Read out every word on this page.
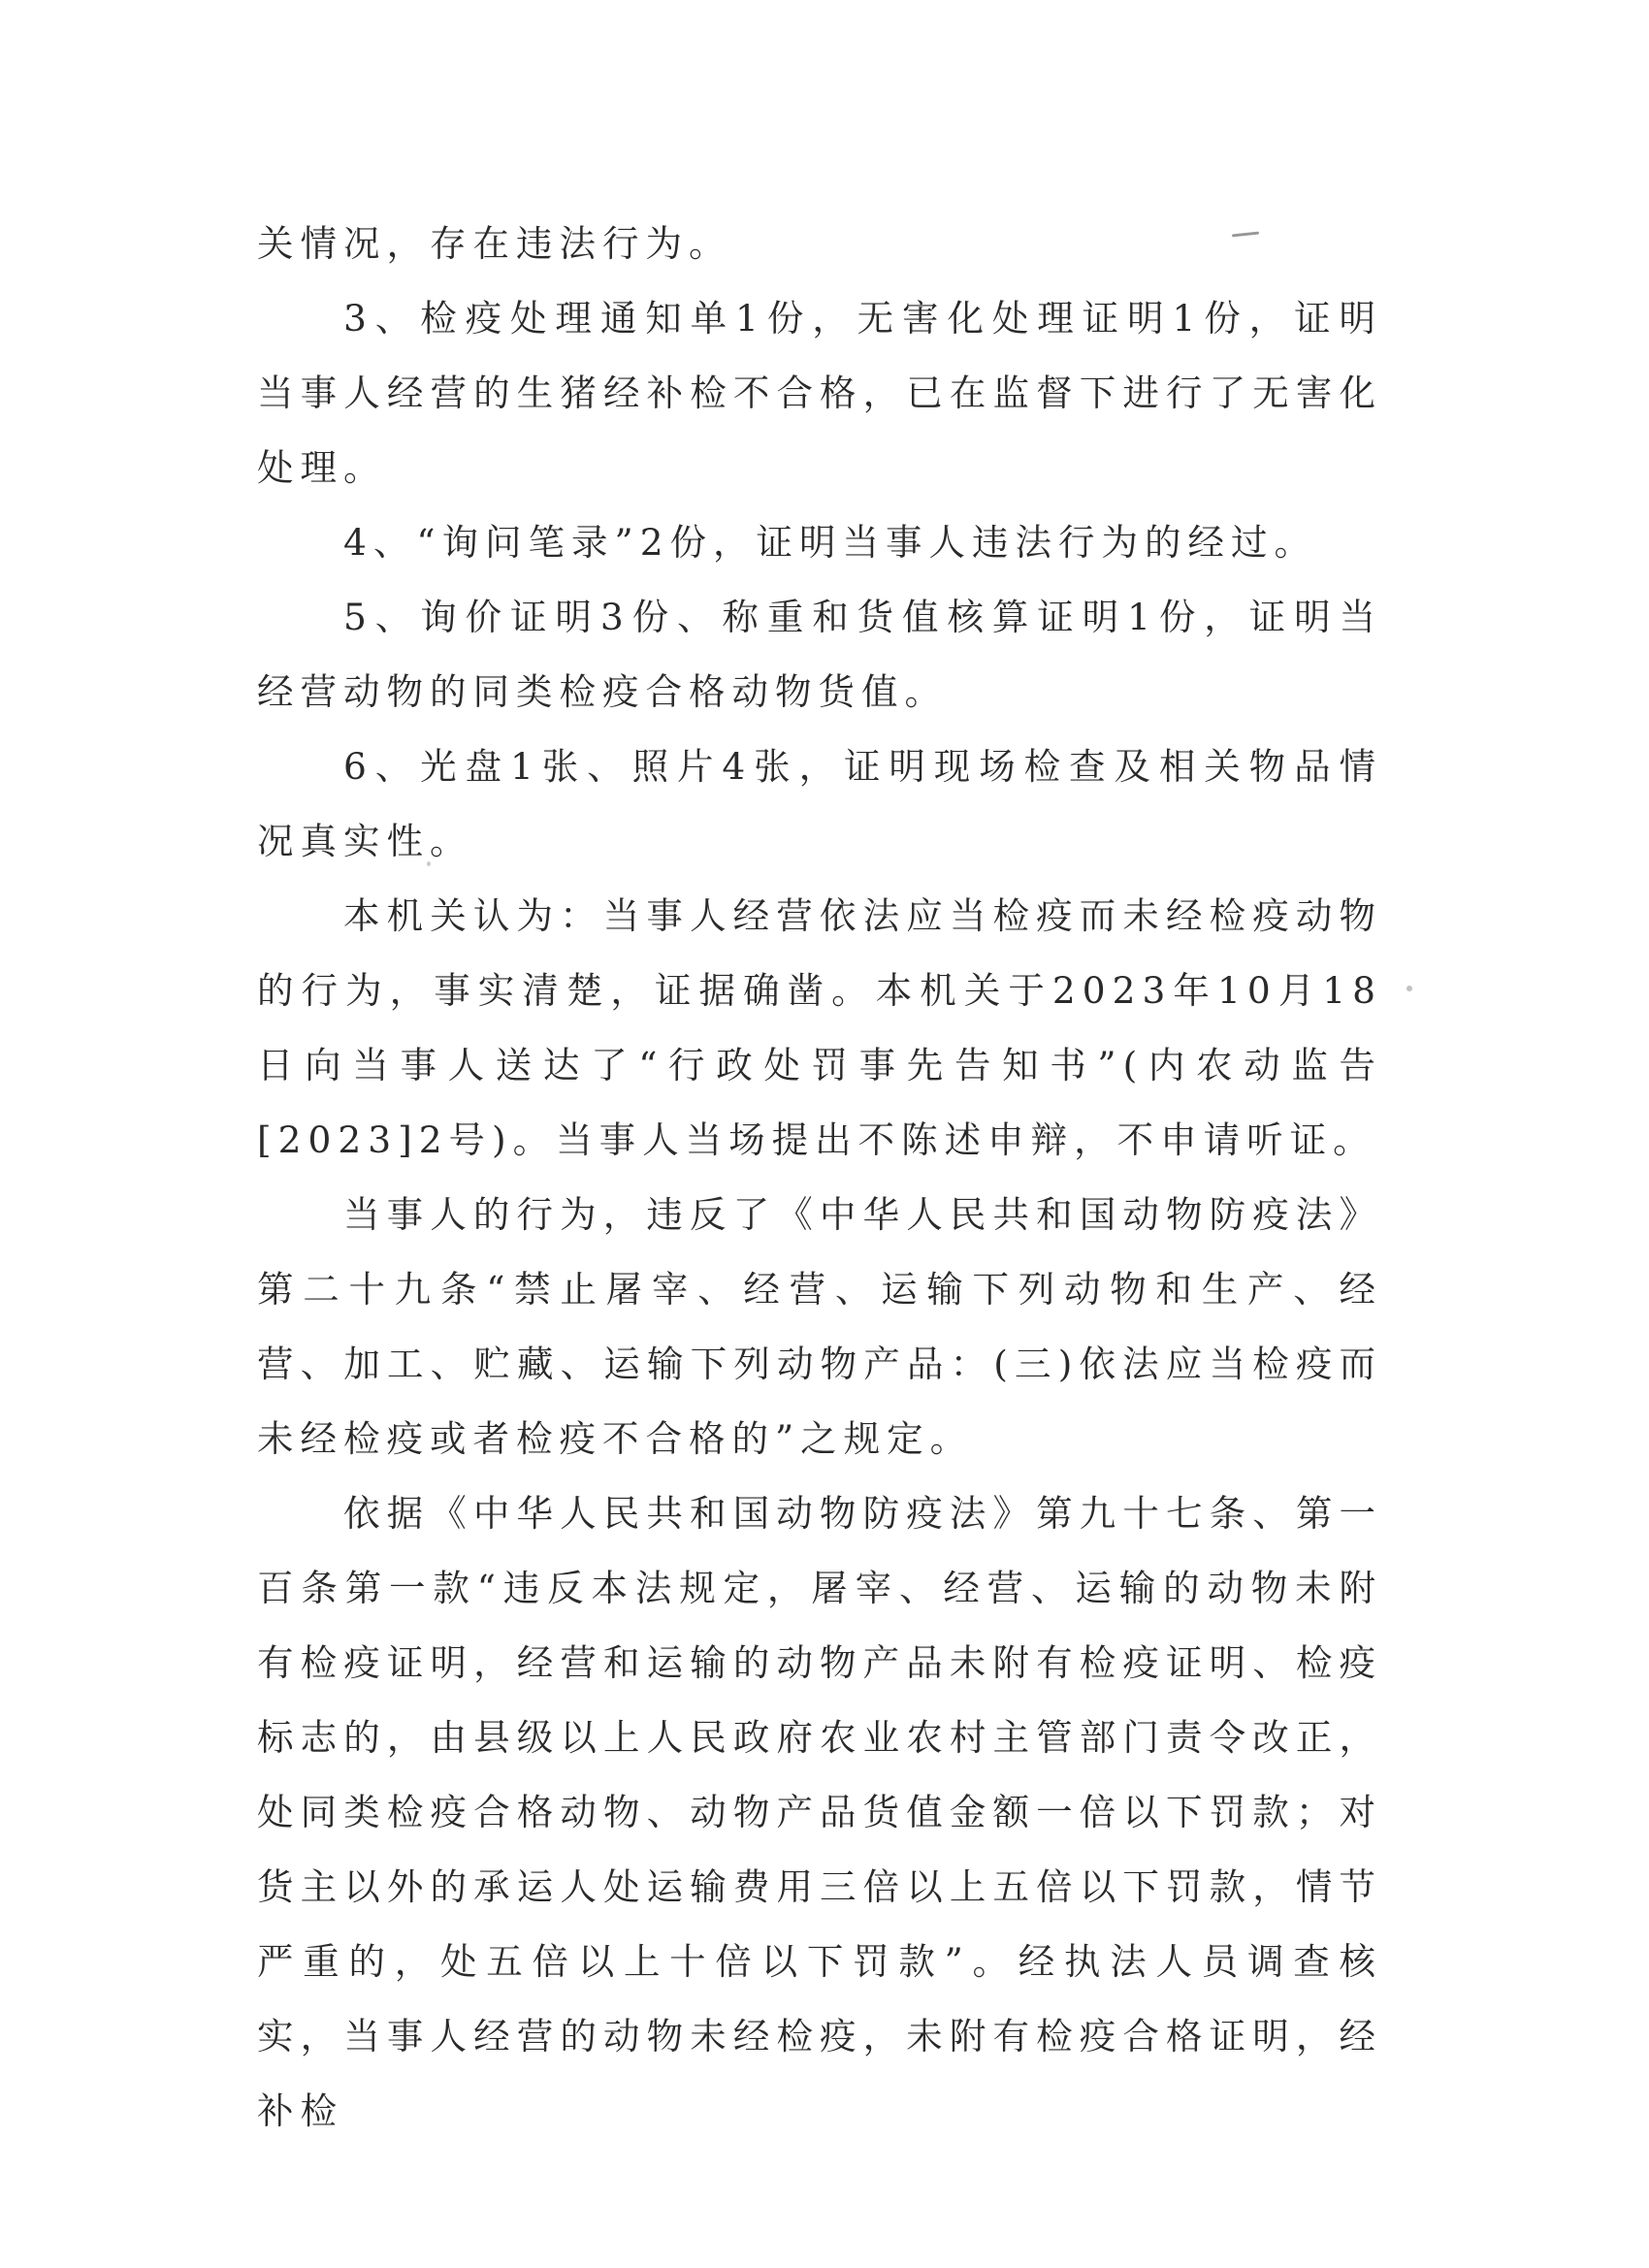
关情况，存在违法行为。

3、检疫处理通知单1份，无害化处理证明1份，证明当事人经营的生猪经补检不合格，已在监督下进行了无害化处理。

4、“询问笔录”2份，证明当事人违法行为的经过。

5、询价证明3份、称重和货值核算证明1份，证明当经营动物的同类检疫合格动物货值。

6、光盘1张、照片4张，证明现场检查及相关物品情况真实性。

本机关认为：当事人经营依法应当检疫而未经检疫动物的行为，事实清楚，证据确凿。本机关于2023年10月18日向当事人送达了“行政处罚事先告知书”(内农动监告[2023]2号)。当事人当场提出不陈述申辩，不申请听证。

当事人的行为，违反了《中华人民共和国动物防疫法》第二十九条“禁止屠宰、经营、运输下列动物和生产、经营、加工、贮藏、运输下列动物产品：(三)依法应当检疫而未经检疫或者检疫不合格的”之规定。

依据《中华人民共和国动物防疫法》第九十七条、第一百条第一款“违反本法规定，屠宰、经营、运输的动物未附有检疫证明，经营和运输的动物产品未附有检疫证明、检疫标志的，由县级以上人民政府农业农村主管部门责令改正，处同类检疫合格动物、动物产品货值金额一倍以下罚款；对货主以外的承运人处运输费用三倍以上五倍以下罚款，情节严重的，处五倍以上十倍以下罚款”。经执法人员调查核实，当事人经营的动物未经检疫，未附有检疫合格证明，经补检
